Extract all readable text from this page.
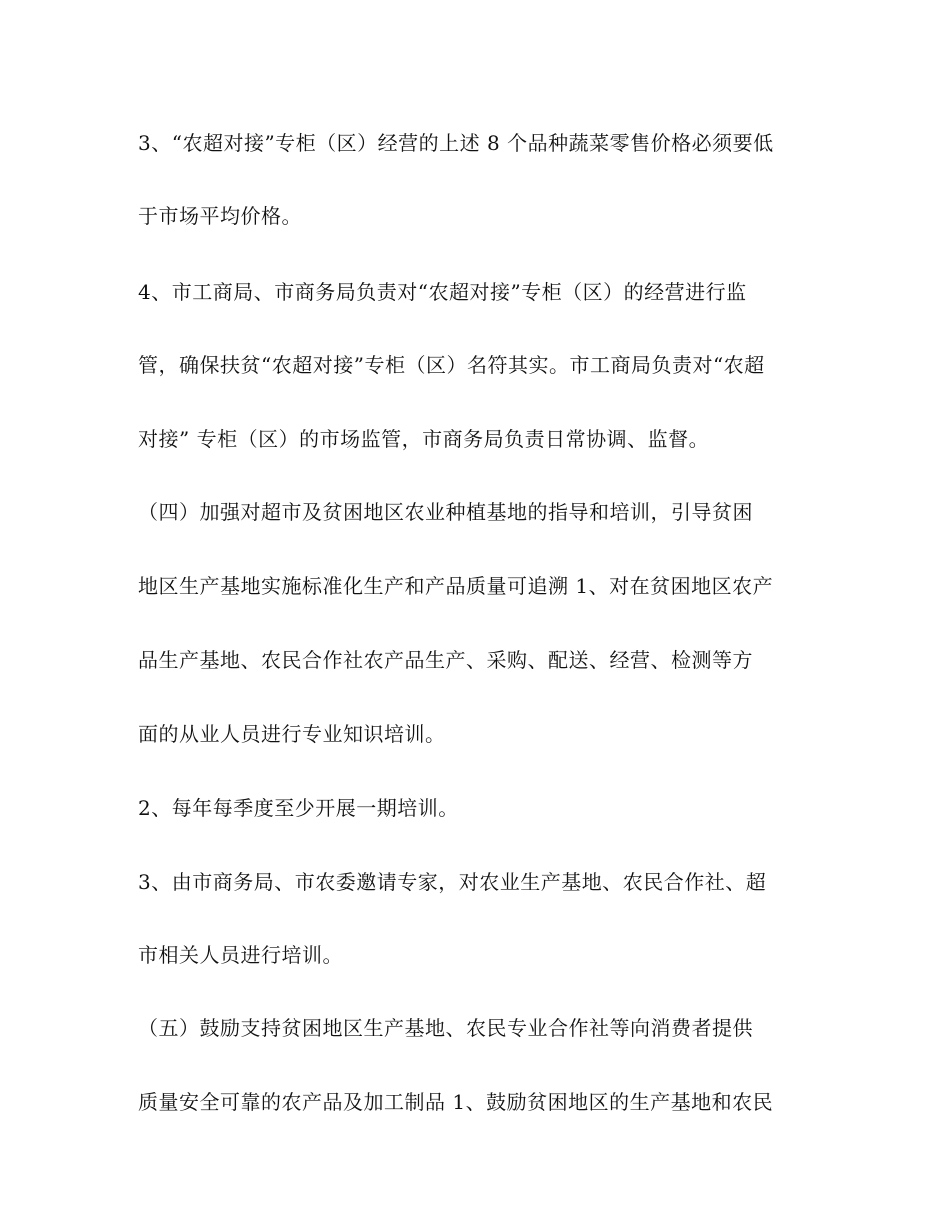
3、“农超对接”专柜（区）经营的上述 8 个品种蔬菜零售价格必须要低
于市场平均价格。
4、市工商局、市商务局负责对“农超对接”专柜（区）的经营进行监
管，确保扶贫“农超对接”专柜（区）名符其实。市工商局负责对“农超
对接” 专柜（区）的市场监管，市商务局负责日常协调、监督。
（四）加强对超市及贫困地区农业种植基地的指导和培训，引导贫困
地区生产基地实施标准化生产和产品质量可追溯 1、对在贫困地区农产
品生产基地、农民合作社农产品生产、采购、配送、经营、检测等方
面的从业人员进行专业知识培训。
2、每年每季度至少开展一期培训。
3、由市商务局、市农委邀请专家，对农业生产基地、农民合作社、超
市相关人员进行培训。
（五）鼓励支持贫困地区生产基地、农民专业合作社等向消费者提供
质量安全可靠的农产品及加工制品 1、鼓励贫困地区的生产基地和农民
